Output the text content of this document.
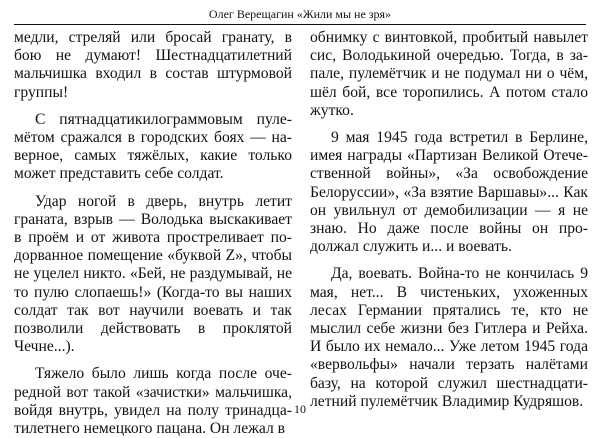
Олег Верещагин «Жили мы не зря»

медли, стреляй или бросай гранату, в бою не думают! Шестнадцатилетний мальчишка входил в состав штурмовой группы!

С пятнадцатикилограммовым пулемётом сражался в городских боях — наверное, самых тяжёлых, какие только может представить себе солдат.

Удар ногой в дверь, внутрь летит граната, взрыв — Володька выскакивает в проём и от живота простреливает подорванное помещение «буквой Z», чтобы не уцелел никто. «Бей, не раздумывай, не то пулю слопаешь!» (Когда-то вы наших солдат так вот научили воевать и так позволили действовать в проклятой Чечне...).

Тяжело было лишь когда после очередной вот такой «зачистки» мальчишка, войдя внутрь, увидел на полу тринадцатилетнего немецкого пацана. Он лежал в

обнимку с винтовкой, пробитый навылет сис, Володькиной очередью. Тогда, в запале, пулемётчик и не подумал ни о чём, шёл бой, все торопились. А потом стало жутко.

9 мая 1945 года встретил в Берлине, имея награды «Партизан Великой Отечественной войны», «За освобождение Белоруссии», «За взятие Варшавы»... Как он увильнул от демобилизации — я не знаю. Но даже после войны он продолжал служить и... и воевать.

Да, воевать. Война-то не кончилась 9 мая, нет... В чистеньких, ухоженных лесах Германии прятались те, кто не мыслил себе жизни без Гитлера и Рейха. И было их немало... Уже летом 1945 года «вервольфы» начали терзать налётами базу, на которой служил шестнадцатилетний пулемётчик Владимир Кудряшов.

10
